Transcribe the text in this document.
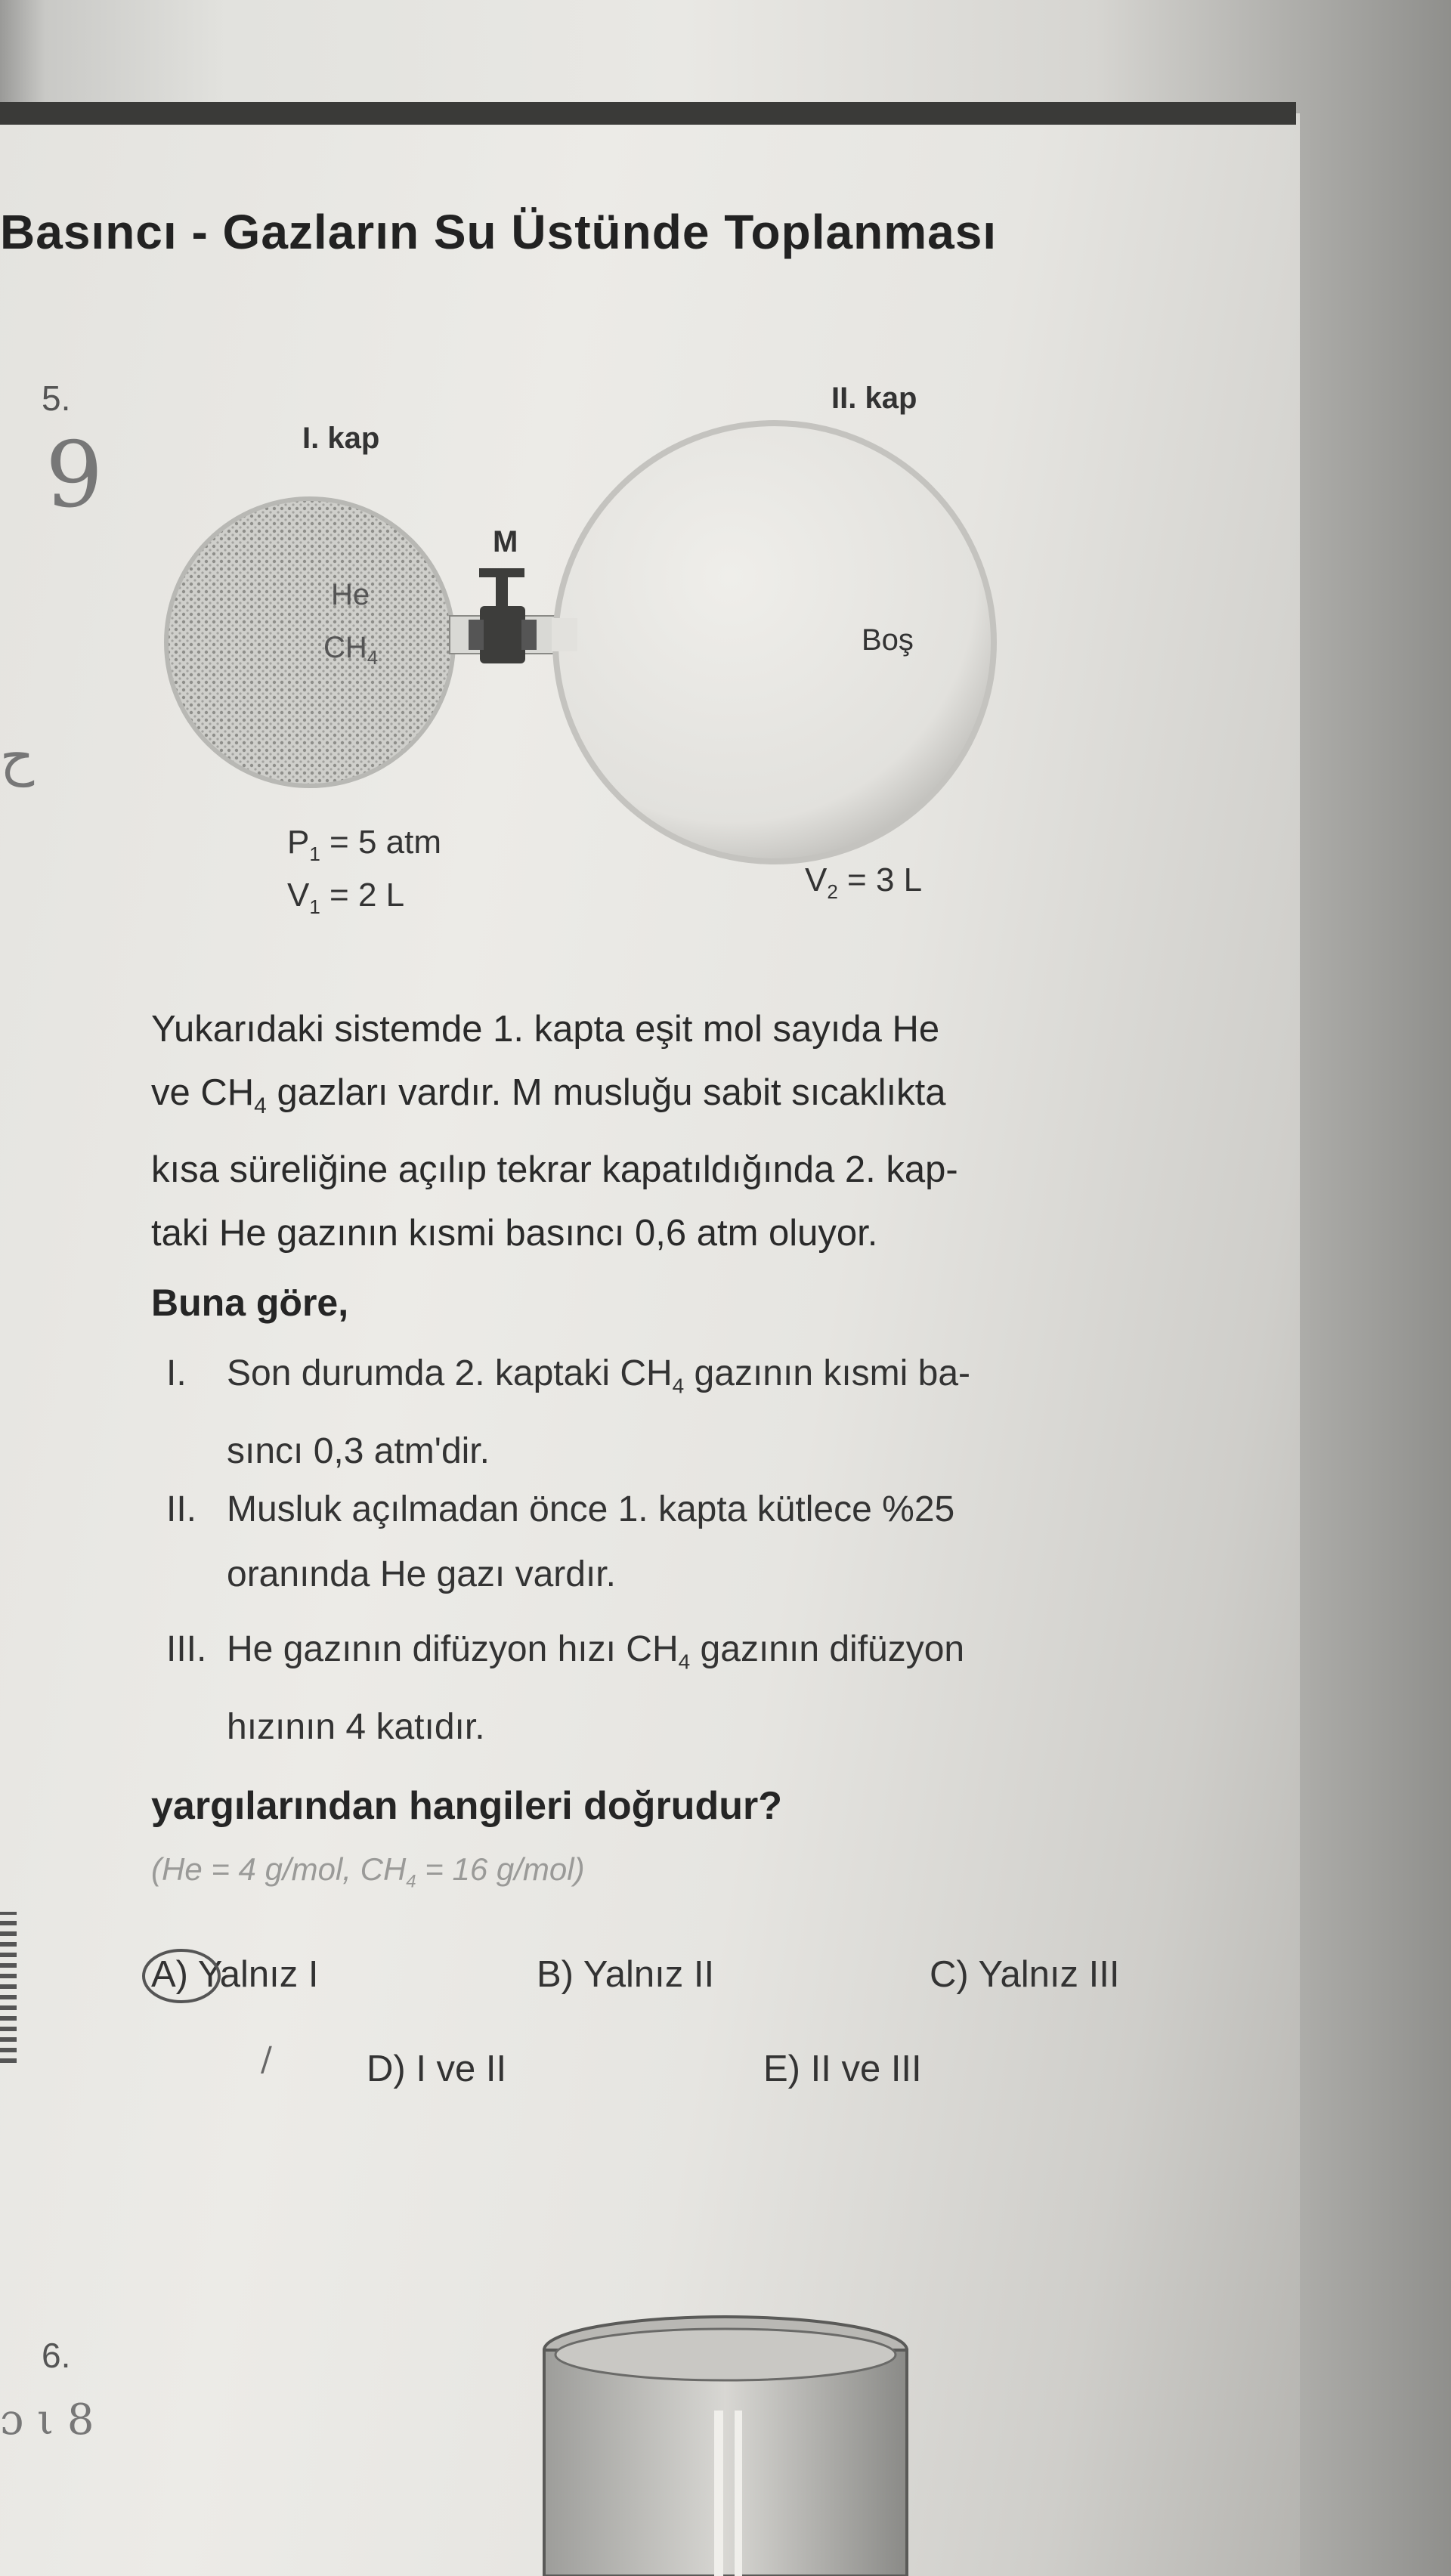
Basıncı - Gazların Su Üstünde Toplanması
5.
9
ح
I. kap
II. kap
M
He
$CH_4$
Boş
$P_1 = 5$ atm
$V_1 = 2$ L	$V_2 = 3$ L

Yukarıdaki sistemde 1. kapta eşit mol sayıda He

ve $CH_4$ gazları vardır. M musluğu sabit sıcaklıkta

kısa süreliğine açılıp tekrar kapatıldığında 2. kap-

taki He gazının kısmi basıncı 0,6 atm oluyor.

Buna göre,
I. Son durumda 2. kaptaki $CH_4$ gazının kısmi ba-
sıncı 0,3 atm'dir.
II. Musluk açılmadan önce 1. kapta kütlece %25
oranında He gazı vardır.
III. He gazının difüzyon hızı $CH_4$ gazının difüzyon
hızının 4 katıdır.
yargılarından hangileri doğrudur?
(He = 4 g/mol, $CH_4 = 16$ g/mol)
A) Yalnız I	B) Yalnız II	C) Yalnız III
D) I ve II	E) II ve III
/
6.
ɔ ι 8
